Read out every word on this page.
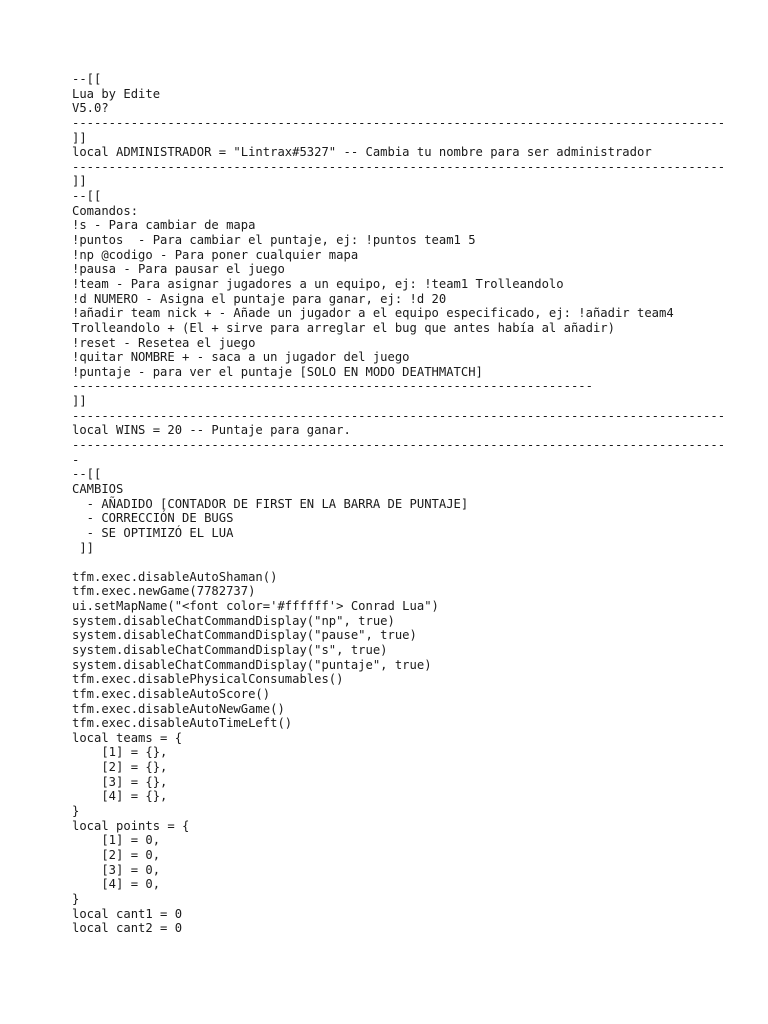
--[[
Lua by Edite
V5.0?
-----------------------------------------------------------------------------------------
]]
local ADMINISTRADOR = "Lintrax#5327" -- Cambia tu nombre para ser administrador
-----------------------------------------------------------------------------------------
]]
--[[
Comandos:
!s - Para cambiar de mapa
!puntos  - Para cambiar el puntaje, ej: !puntos team1 5
!np @codigo - Para poner cualquier mapa
!pausa - Para pausar el juego
!team - Para asignar jugadores a un equipo, ej: !team1 Trolleandolo
!d NUMERO - Asigna el puntaje para ganar, ej: !d 20
!añadir team nick + - Añade un jugador a el equipo especificado, ej: !añadir team4
Trolleandolo + (El + sirve para arreglar el bug que antes había al añadir)
!reset - Resetea el juego
!quitar NOMBRE + - saca a un jugador del juego
!puntaje - para ver el puntaje [SOLO EN MODO DEATHMATCH]
-----------------------------------------------------------------------
]]
-----------------------------------------------------------------------------------------
local WINS = 20 -- Puntaje para ganar.
-----------------------------------------------------------------------------------------
-
--[[
CAMBIOS
- AÑADIDO [CONTADOR DE FIRST EN LA BARRA DE PUNTAJE]
- CORRECCIÓN DE BUGS
- SE OPTIMIZÓ EL LUA
]]
tfm.exec.disableAutoShaman()
tfm.exec.newGame(7782737)
ui.setMapName("<font color='#ffffff'> Conrad Lua")
system.disableChatCommandDisplay("np", true)
system.disableChatCommandDisplay("pause", true)
system.disableChatCommandDisplay("s", true)
system.disableChatCommandDisplay("puntaje", true)
tfm.exec.disablePhysicalConsumables()
tfm.exec.disableAutoScore()
tfm.exec.disableAutoNewGame()
tfm.exec.disableAutoTimeLeft()
local teams = {
[1] = {},
[2] = {},
[3] = {},
[4] = {},
}
local points = {
[1] = 0,
[2] = 0,
[3] = 0,
[4] = 0,
}
local cant1 = 0
local cant2 = 0
